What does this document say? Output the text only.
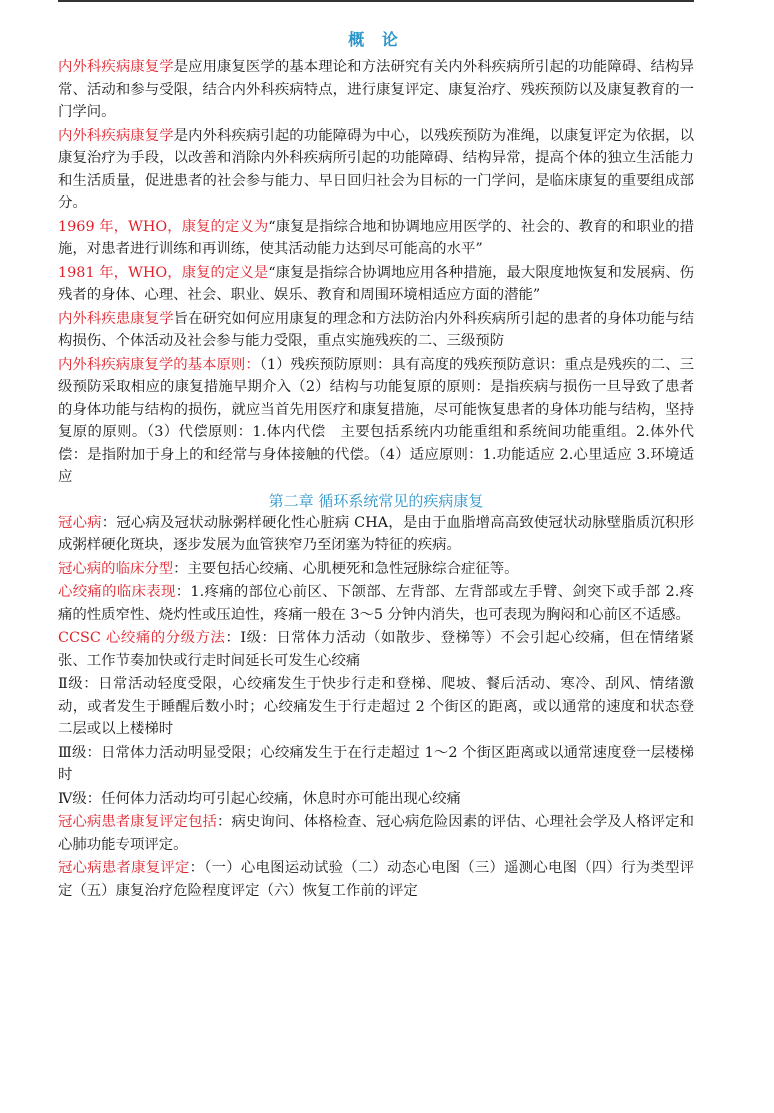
概 论

内外科疾病康复学是应用康复医学的基本理论和方法研究有关内外科疾病所引起的功能障碍、结构异常、活动和参与受限，结合内外科疾病特点，进行康复评定、康复治疗、残疾预防以及康复教育的一门学问。

内外科疾病康复学是内外科疾病引起的功能障碍为中心，以残疾预防为准绳，以康复评定为依据，以康复治疗为手段，以改善和消除内外科疾病所引起的功能障碍、结构异常，提高个体的独立生活能力和生活质量，促进患者的社会参与能力、早日回归社会为目标的一门学问，是临床康复的重要组成部分。

1969 年，WHO，康复的定义为“康复是指综合地和协调地应用医学的、社会的、教育的和职业的措施，对患者进行训练和再训练，使其活动能力达到尽可能高的水平”

1981 年，WHO，康复的定义是“康复是指综合协调地应用各种措施，最大限度地恢复和发展病、伤残者的身体、心理、社会、职业、娱乐、教育和周围环境相适应方面的潜能”

内外科疾患康复学旨在研究如何应用康复的理念和方法防治内外科疾病所引起的患者的身体功能与结构损伤、个体活动及社会参与能力受限，重点实施残疾的二、三级预防

内外科疾病康复学的基本原则：（1）残疾预防原则：具有高度的残疾预防意识：重点是残疾的二、三级预防采取相应的康复措施早期介入（2）结构与功能复原的原则：是指疾病与损伤一旦导致了患者的身体功能与结构的损伤，就应当首先用医疗和康复措施，尽可能恢复患者的身体功能与结构，坚持复原的原则。（3）代偿原则：1.体内代偿　主要包括系统内功能重组和系统间功能重组。2.体外代偿：是指附加于身上的和经常与身体接触的代偿。（4）适应原则：1.功能适应 2.心里适应 3.环境适应

第二章 循环系统常见的疾病康复

冠心病：冠心病及冠状动脉粥样硬化性心脏病 CHA，是由于血脂增高高致使冠状动脉壁脂质沉积形成粥样硬化斑块，逐步发展为血管狭窄乃至闭塞为特征的疾病。

冠心病的临床分型：主要包括心绞痛、心肌梗死和急性冠脉综合症征等。

心绞痛的临床表现：1.疼痛的部位心前区、下颌部、左背部、左背部或左手臂、剑突下或手部 2.疼痛的性质窄性、烧灼性或压迫性，疼痛一般在 3～5 分钟内消失，也可表现为胸闷和心前区不适感。

CCSC 心绞痛的分级方法：Ⅰ级：日常体力活动（如散步、登梯等）不会引起心绞痛，但在情绪紧张、工作节奏加快或行走时间延长可发生心绞痛

Ⅱ级：日常活动轻度受限，心绞痛发生于快步行走和登梯、爬坡、餐后活动、寒冷、刮风、情绪激动，或者发生于睡醒后数小时；心绞痛发生于行走超过 2 个街区的距离，或以通常的速度和状态登二层或以上楼梯时

Ⅲ级：日常体力活动明显受限；心绞痛发生于在行走超过 1～2 个街区距离或以通常速度登一层楼梯时

Ⅳ级：任何体力活动均可引起心绞痛，休息时亦可能出现心绞痛

冠心病患者康复评定包括：病史询问、体格检查、冠心病危险因素的评估、心理社会学及人格评定和心肺功能专项评定。

冠心病患者康复评定：（一）心电图运动试验（二）动态心电图（三）遥测心电图（四）行为类型评定（五）康复治疗危险程度评定（六）恢复工作前的评定
